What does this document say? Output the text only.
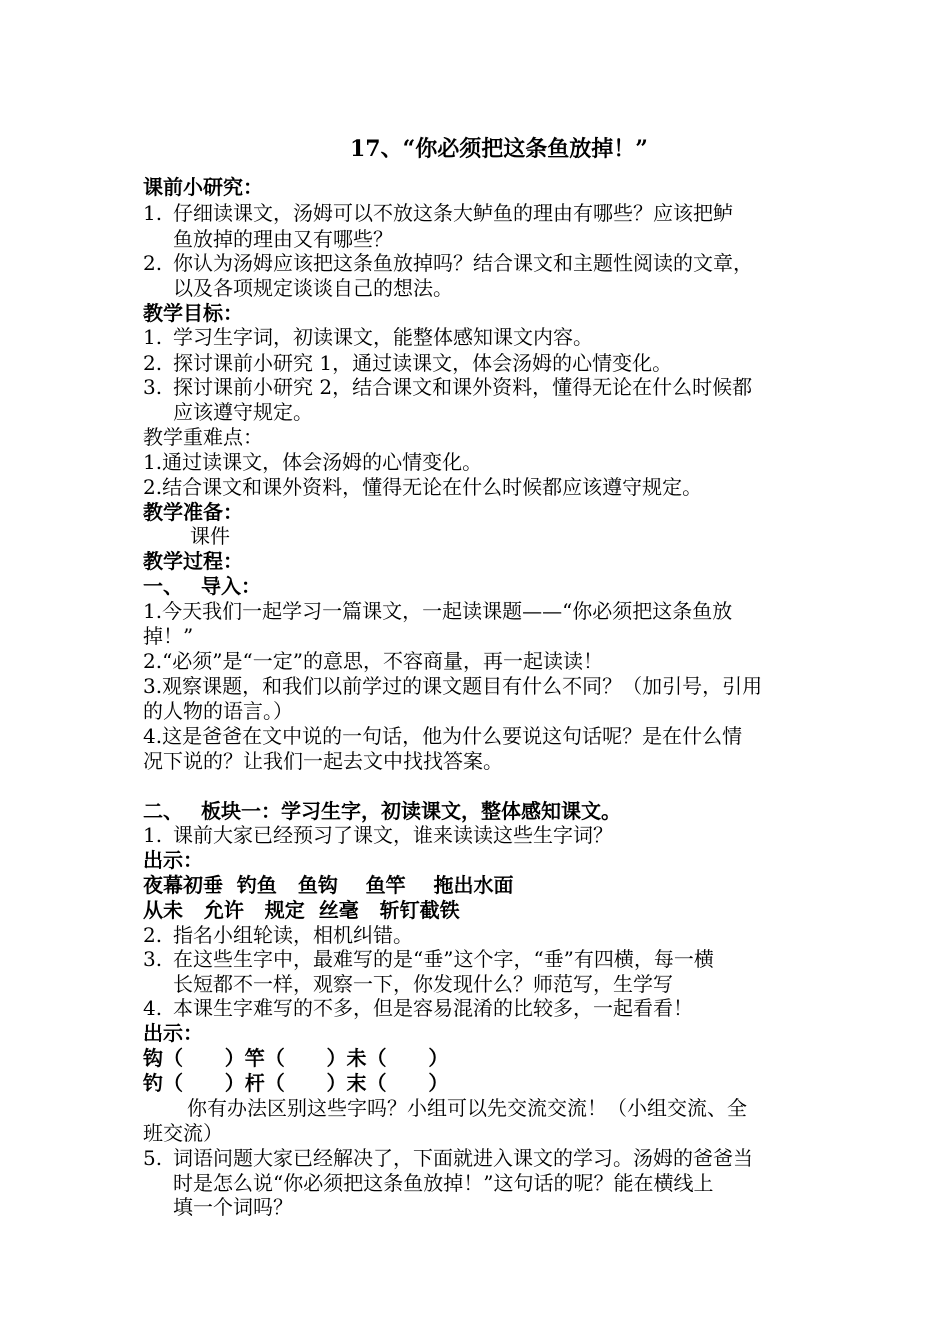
17、“你必须把这条鱼放掉！”
课前小研究：
1. 仔细读课文，汤姆可以不放这条大鲈鱼的理由有哪些？应该把鲈
鱼放掉的理由又有哪些？
2. 你认为汤姆应该把这条鱼放掉吗？结合课文和主题性阅读的文章，
以及各项规定谈谈自己的想法。
教学目标：
1. 学习生字词，初读课文，能整体感知课文内容。
2. 探讨课前小研究 1，通过读课文，体会汤姆的心情变化。
3. 探讨课前小研究 2，结合课文和课外资料，懂得无论在什么时候都
应该遵守规定。
教学重难点：
1.通过读课文，体会汤姆的心情变化。
2.结合课文和课外资料，懂得无论在什么时候都应该遵守规定。
教学准备：
课件
教学过程：
一、 导入：
1.今天我们一起学习一篇课文，一起读课题——“你必须把这条鱼放
掉！”
2.“必须”是“一定”的意思，不容商量，再一起读读！
3.观察课题，和我们以前学过的课文题目有什么不同？（加引号，引用
的人物的语言。）
4.这是爸爸在文中说的一句话，他为什么要说这句话呢？是在什么情
况下说的？让我们一起去文中找找答案。
二、 板块一：学习生字，初读课文，整体感知课文。
1. 课前大家已经预习了课文，谁来读读这些生字词？
出示：
夜幕初垂  钓鱼   鱼钩    鱼竿    拖出水面
从未   允许   规定  丝毫   斩钉截铁
2. 指名小组轮读，相机纠错。
3. 在这些生字中，最难写的是“垂”这个字，“垂”有四横，每一横
长短都不一样，观察一下，你发现什么？师范写，生学写
4. 本课生字难写的不多，但是容易混淆的比较多，一起看看！
出示：
钩（      ）竿（      ）未（      ）
钓（      ）杆（      ）末（      ）
你有办法区别这些字吗？小组可以先交流交流！（小组交流、全
班交流）
5. 词语问题大家已经解决了，下面就进入课文的学习。汤姆的爸爸当
时是怎么说“你必须把这条鱼放掉！”这句话的呢？能在横线上
填一个词吗？
